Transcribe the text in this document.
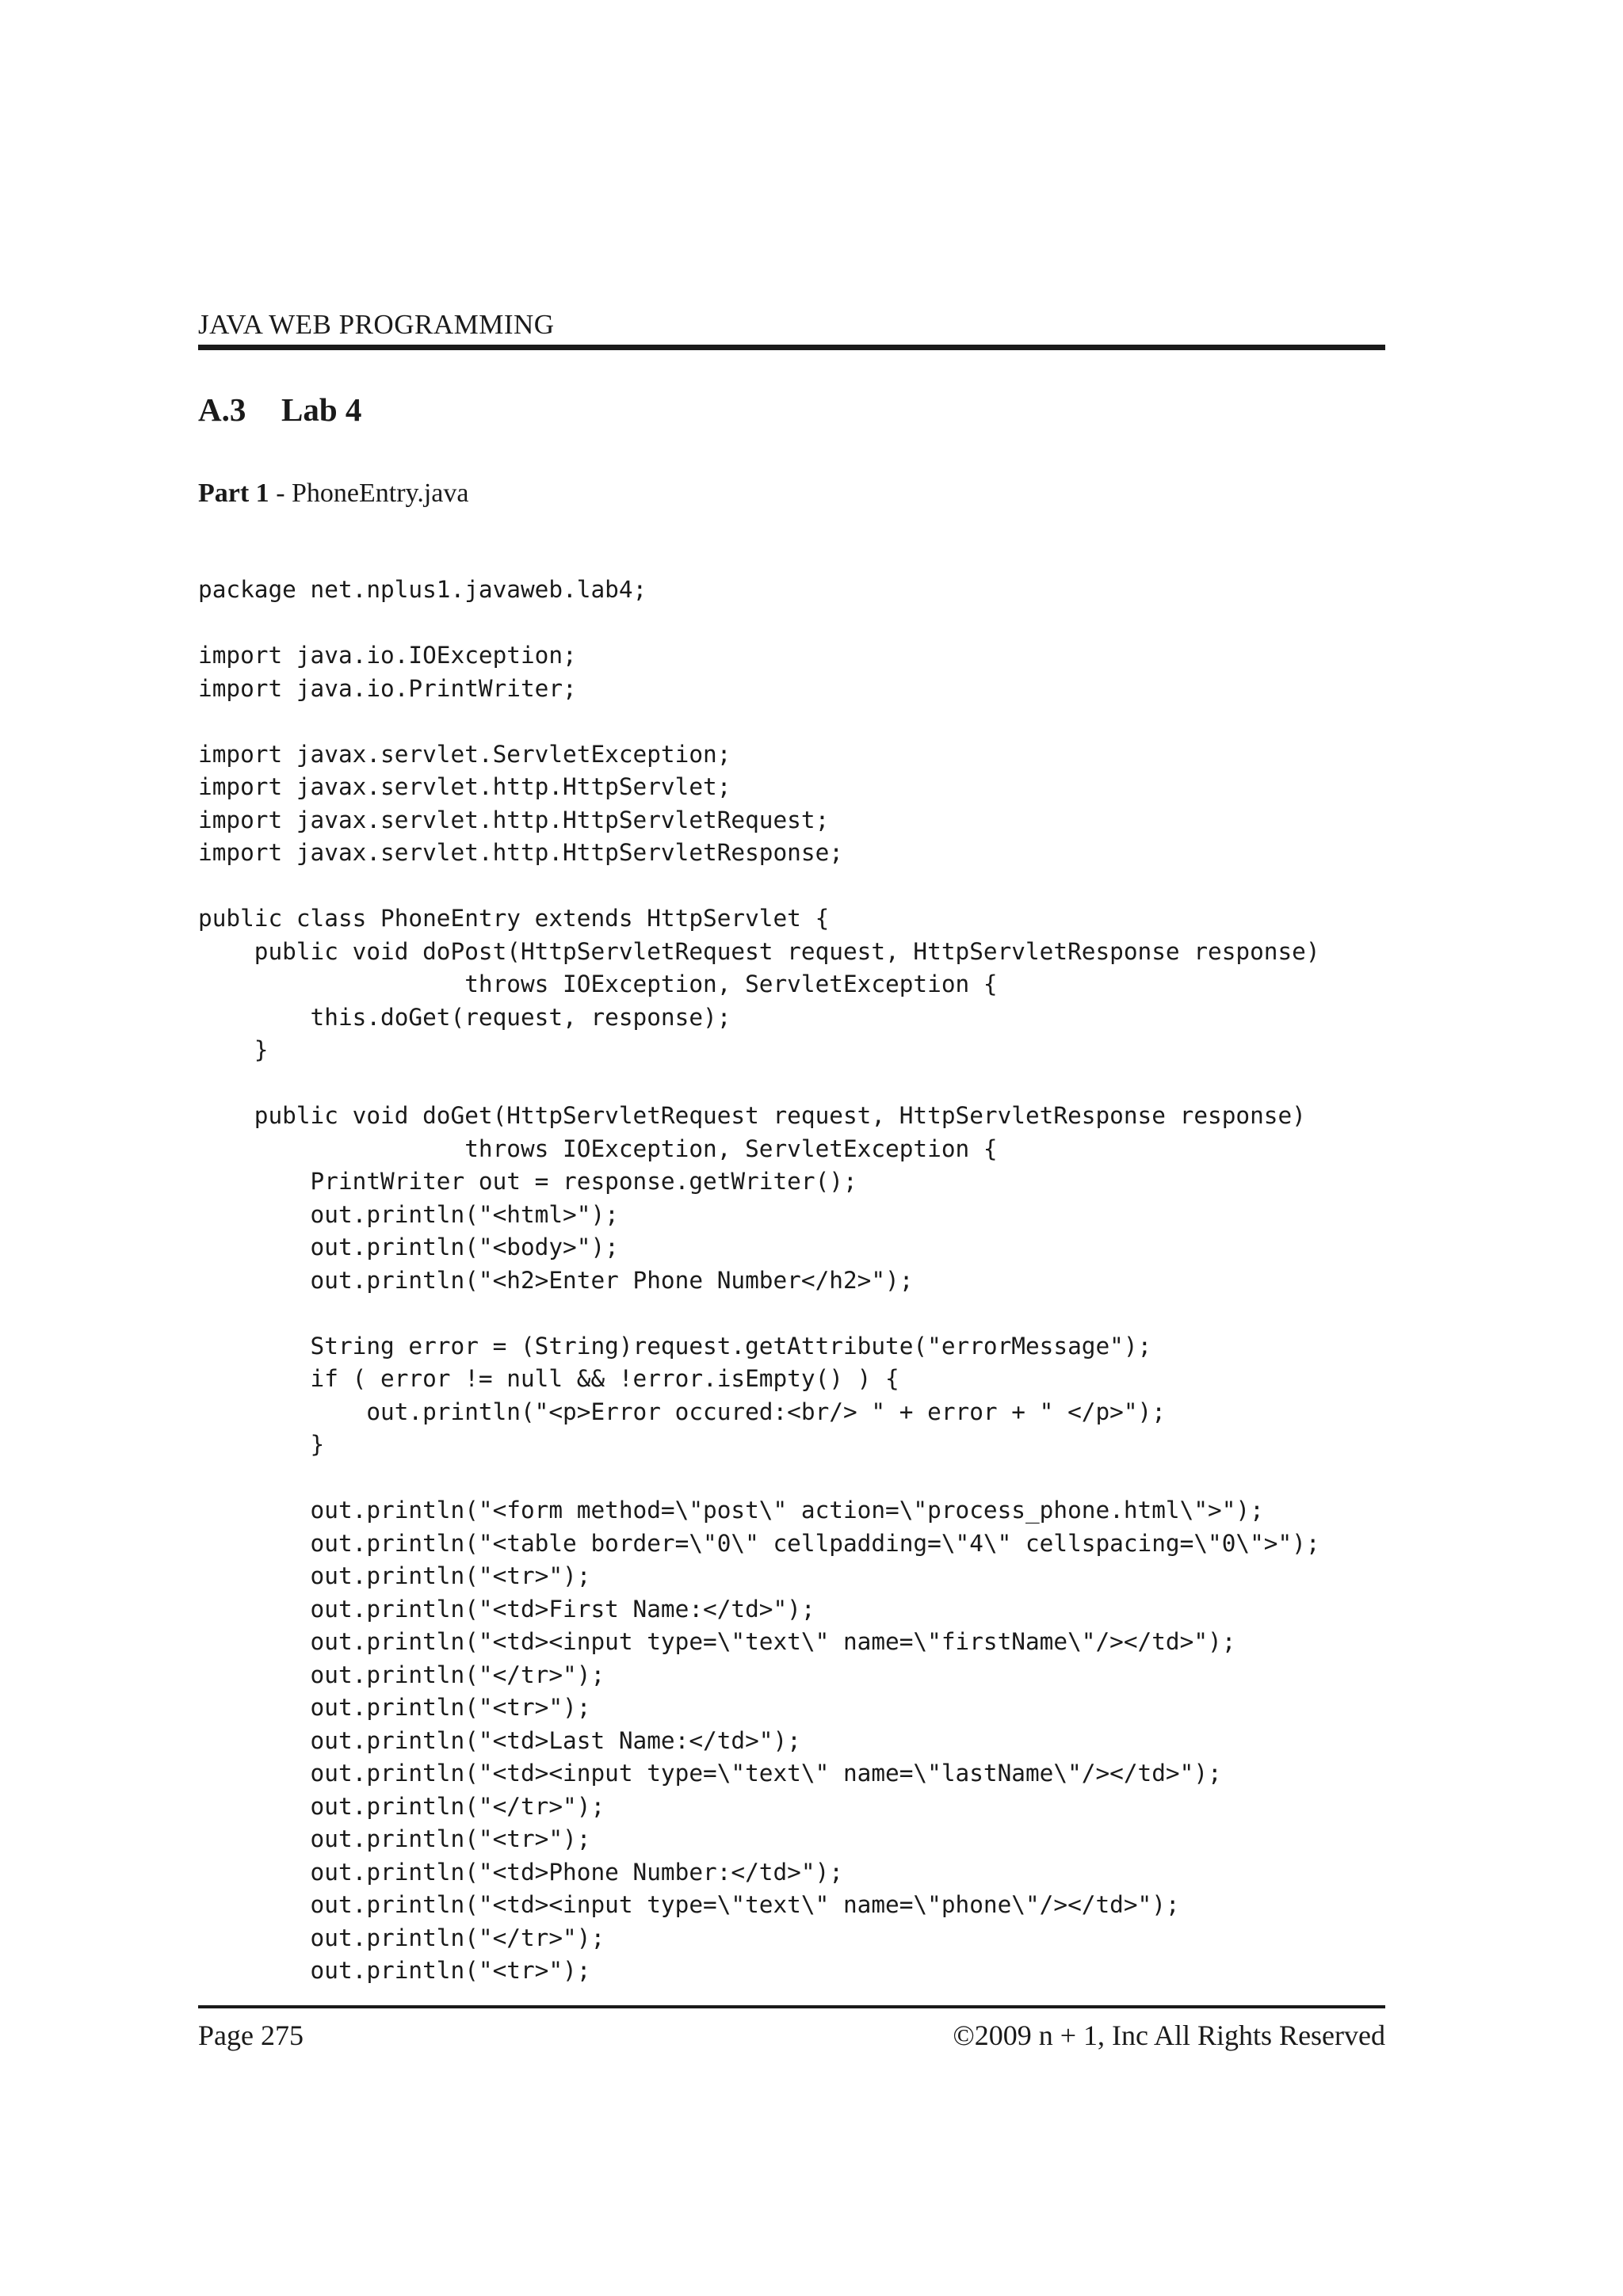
JAVA WEB PROGRAMMING
A.3 Lab 4
Part 1 - PhoneEntry.java
package net.nplus1.javaweb.lab4;
import java.io.IOException;
import java.io.PrintWriter;
import javax.servlet.ServletException;
import javax.servlet.http.HttpServlet;
import javax.servlet.http.HttpServletRequest;
import javax.servlet.http.HttpServletResponse;
public class PhoneEntry extends HttpServlet {
public void doPost(HttpServletRequest request, HttpServletResponse response)
throws IOException, ServletException {
this.doGet(request, response);
}
public void doGet(HttpServletRequest request, HttpServletResponse response)
throws IOException, ServletException {
PrintWriter out = response.getWriter();
out.println("<html>");
out.println("<body>");
out.println("<h2>Enter Phone Number</h2>");
String error = (String)request.getAttribute("errorMessage");
if ( error != null && !error.isEmpty() ) {
out.println("<p>Error occured:<br/> " + error + " </p>");
}
out.println("<form method=\"post\" action=\"process_phone.html\">");
out.println("<table border=\"0\" cellpadding=\"4\" cellspacing=\"0\">");
out.println("<tr>");
out.println("<td>First Name:</td>");
out.println("<td><input type=\"text\" name=\"firstName\"/></td>");
out.println("</tr>");
out.println("<tr>");
out.println("<td>Last Name:</td>");
out.println("<td><input type=\"text\" name=\"lastName\"/></td>");
out.println("</tr>");
out.println("<tr>");
out.println("<td>Phone Number:</td>");
out.println("<td><input type=\"text\" name=\"phone\"/></td>");
out.println("</tr>");
out.println("<tr>");
Page 275	©2009 n + 1, Inc All Rights Reserved
